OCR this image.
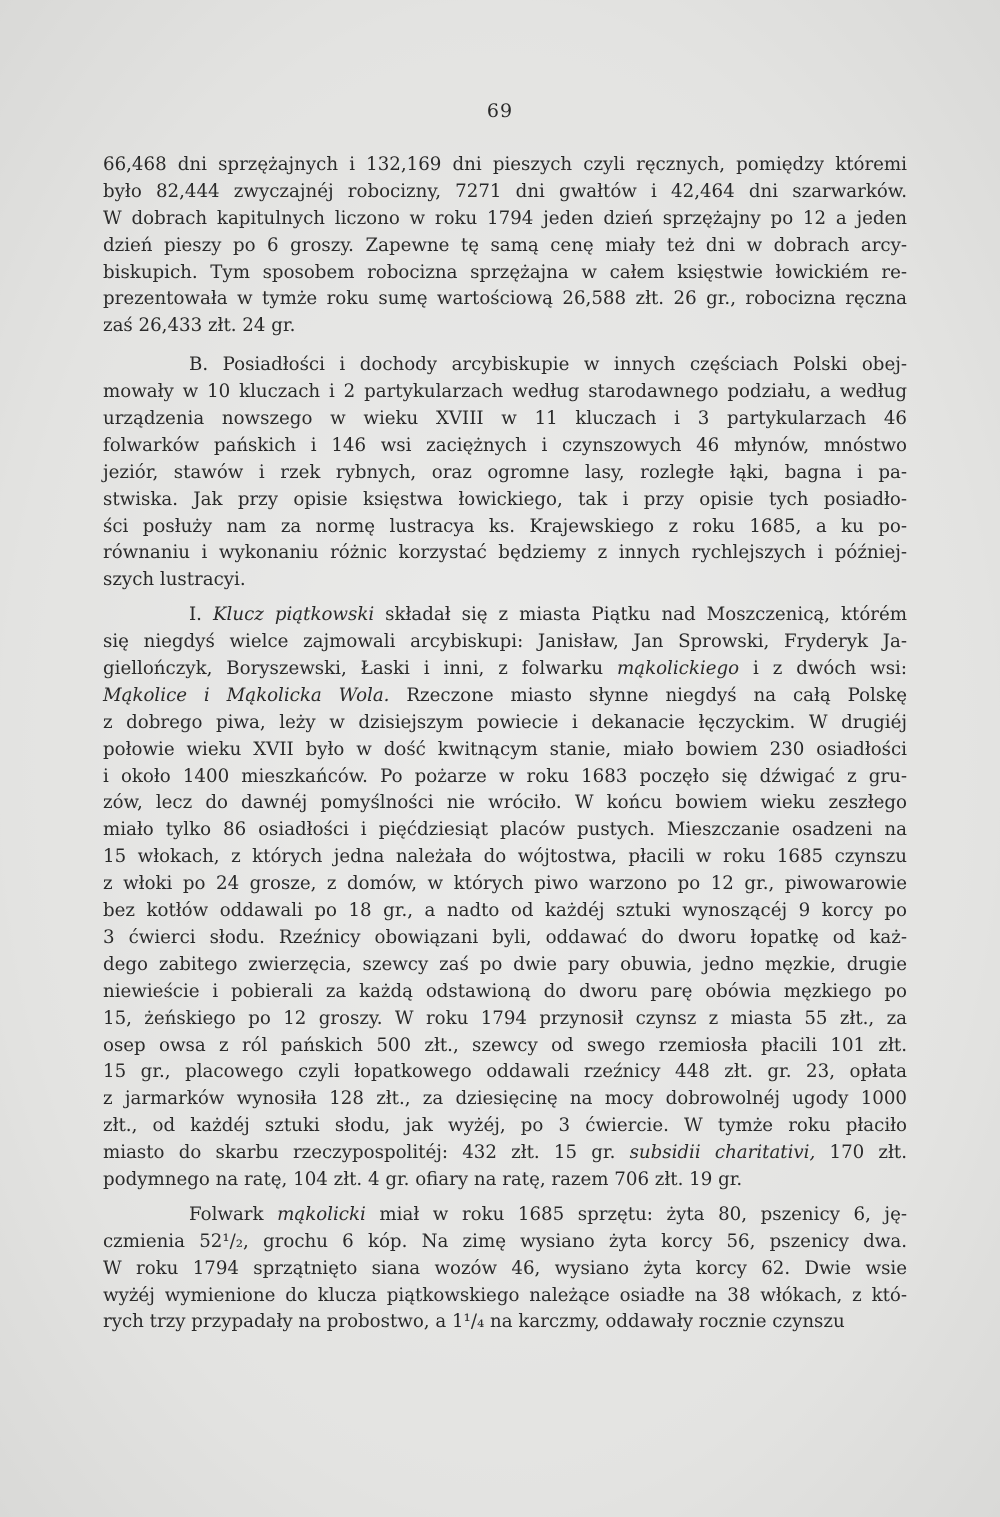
69
66,468 dni sprzężajnych i 132,169 dni pieszych czyli ręcznych, pomiędzy któremi
było 82,444 zwyczajnéj robocizny, 7271 dni gwałtów i 42,464 dni szarwarków.
W dobrach kapitulnych liczono w roku 1794 jeden dzień sprzężajny po 12 a jeden
dzień pieszy po 6 groszy. Zapewne tę samą cenę miały też dni w dobrach arcy-
biskupich. Tym sposobem robocizna sprzężajna w całem księstwie łowickiém re-
prezentowała w tymże roku sumę wartościową 26,588 złt. 26 gr., robocizna ręczna
zaś 26,433 złt. 24 gr.
B. Posiadłości i dochody arcybiskupie w innych częściach Polski obej-
mowały w 10 kluczach i 2 partykularzach według starodawnego podziału, a według
urządzenia nowszego w wieku XVIII w 11 kluczach i 3 partykularzach 46
folwarków pańskich i 146 wsi zaciężnych i czynszowych 46 młynów, mnóstwo
jeziór, stawów i rzek rybnych, oraz ogromne lasy, rozległe łąki, bagna i pa-
stwiska. Jak przy opisie księstwa łowickiego, tak i przy opisie tych posiadło-
ści posłuży nam za normę lustracya ks. Krajewskiego z roku 1685, a ku po-
równaniu i wykonaniu różnic korzystać będziemy z innych rychlejszych i później-
szych lustracyi.
I. Klucz piątkowski składał się z miasta Piątku nad Moszczenicą, którém
się niegdyś wielce zajmowali arcybiskupi: Janisław, Jan Sprowski, Fryderyk Ja-
giellończyk, Boryszewski, Łaski i inni, z folwarku mąkolickiego i z dwóch wsi:
Mąkolice i Mąkolicka Wola. Rzeczone miasto słynne niegdyś na całą Polskę
z dobrego piwa, leży w dzisiejszym powiecie i dekanacie łęczyckim. W drugiéj
połowie wieku XVII było w dość kwitnącym stanie, miało bowiem 230 osiadłości
i około 1400 mieszkańców. Po pożarze w roku 1683 poczęło się dźwigać z gru-
zów, lecz do dawnéj pomyślności nie wróciło. W końcu bowiem wieku zeszłego
miało tylko 86 osiadłości i pięćdziesiąt placów pustych. Mieszczanie osadzeni na
15 włokach, z których jedna należała do wójtostwa, płacili w roku 1685 czynszu
z włoki po 24 grosze, z domów, w których piwo warzono po 12 gr., piwowarowie
bez kotłów oddawali po 18 gr., a nadto od każdéj sztuki wynoszącéj 9 korcy po
3 ćwierci słodu. Rzeźnicy obowiązani byli, oddawać do dworu łopatkę od każ-
dego zabitego zwierzęcia, szewcy zaś po dwie pary obuwia, jedno męzkie, drugie
niewieście i pobierali za każdą odstawioną do dworu parę obówia męzkiego po
15, żeńskiego po 12 groszy. W roku 1794 przynosił czynsz z miasta 55 złt., za
osep owsa z ról pańskich 500 złt., szewcy od swego rzemiosła płacili 101 złt.
15 gr., placowego czyli łopatkowego oddawali rzeźnicy 448 złt. gr. 23, opłata
z jarmarków wynosiła 128 złt., za dziesięcinę na mocy dobrowolnéj ugody 1000
złt., od każdéj sztuki słodu, jak wyżéj, po 3 ćwiercie. W tymże roku płaciło
miasto do skarbu rzeczypospolitéj: 432 złt. 15 gr. subsidii charitativi, 170 złt.
podymnego na ratę, 104 złt. 4 gr. ofiary na ratę, razem 706 złt. 19 gr.
Folwark mąkolicki miał w roku 1685 sprzętu: żyta 80, pszenicy 6, ję-
czmienia 52¹/₂, grochu 6 kóp. Na zimę wysiano żyta korcy 56, pszenicy dwa.
W roku 1794 sprzątnięto siana wozów 46, wysiano żyta korcy 62. Dwie wsie
wyżéj wymienione do klucza piątkowskiego należące osiadłe na 38 włókach, z któ-
rych trzy przypadały na probostwo, a 1¹/₄ na karczmy, oddawały rocznie czynszu
